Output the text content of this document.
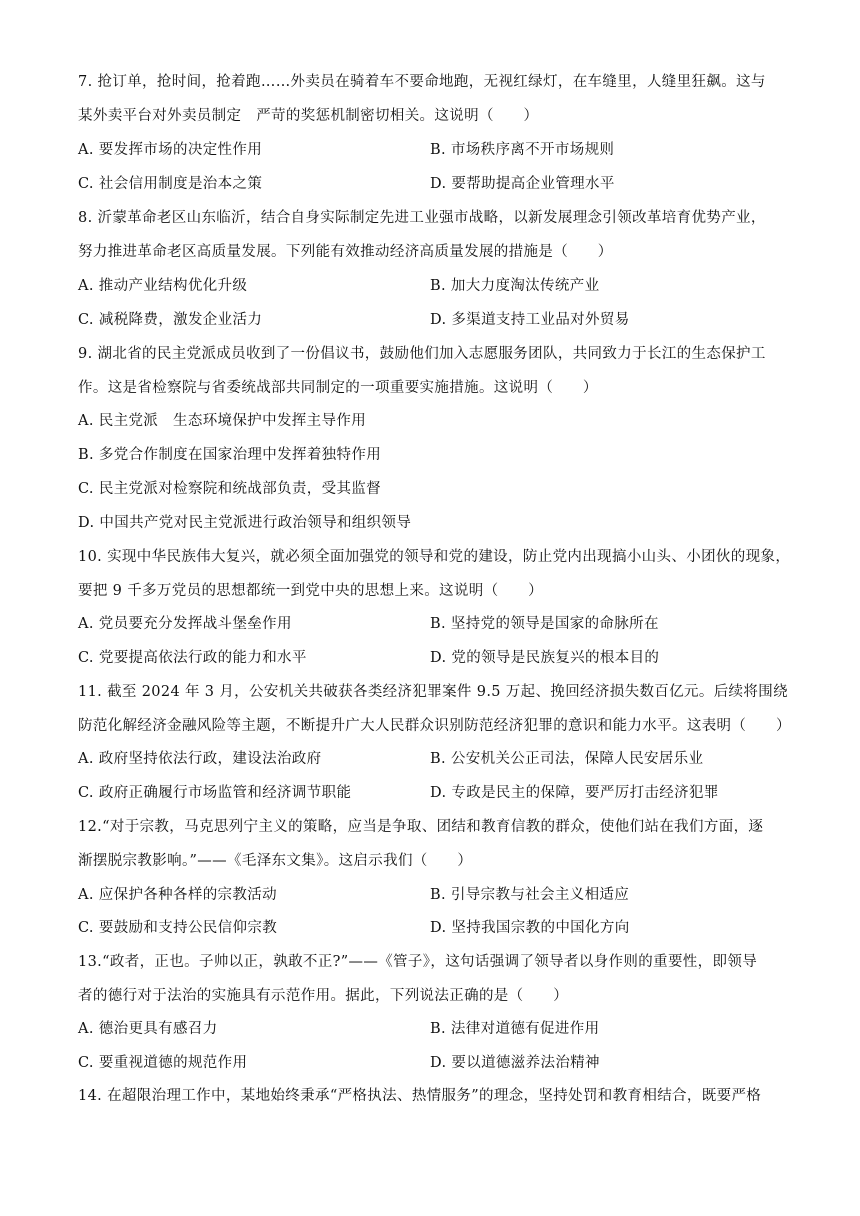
7. 抢订单，抢时间，抢着跑……外卖员在骑着车不要命地跑，无视红绿灯，在车缝里，人缝里狂飙。这与
某外卖平台对外卖员制定　严苛的奖惩机制密切相关。这说明（　　）
A. 要发挥市场的决定性作用	B. 市场秩序离不开市场规则
C. 社会信用制度是治本之策	D. 要帮助提高企业管理水平
8. 沂蒙革命老区山东临沂，结合自身实际制定先进工业强市战略，以新发展理念引领改革培育优势产业，
努力推进革命老区高质量发展。下列能有效推动经济高质量发展的措施是（　　）
A. 推动产业结构优化升级	B. 加大力度淘汰传统产业
C. 减税降费，激发企业活力	D. 多渠道支持工业品对外贸易
9. 湖北省的民主党派成员收到了一份倡议书，鼓励他们加入志愿服务团队，共同致力于长江的生态保护工
作。这是省检察院与省委统战部共同制定的一项重要实施措施。这说明（　　）
A. 民主党派　生态环境保护中发挥主导作用
B. 多党合作制度在国家治理中发挥着独特作用
C. 民主党派对检察院和统战部负责，受其监督
D. 中国共产党对民主党派进行政治领导和组织领导
10. 实现中华民族伟大复兴，就必须全面加强党的领导和党的建设，防止党内出现搞小山头、小团伙的现象，
要把 9 千多万党员的思想都统一到党中央的思想上来。这说明（　　）
A. 党员要充分发挥战斗堡垒作用	B. 坚持党的领导是国家的命脉所在
C. 党要提高依法行政的能力和水平	D. 党的领导是民族复兴的根本目的
11. 截至 2024 年 3 月，公安机关共破获各类经济犯罪案件 9.5 万起、挽回经济损失数百亿元。后续将围绕
防范化解经济金融风险等主题，不断提升广大人民群众识别防范经济犯罪的意识和能力水平。这表明（　　）
A. 政府坚持依法行政，建设法治政府	B. 公安机关公正司法，保障人民安居乐业
C. 政府正确履行市场监管和经济调节职能	D. 专政是民主的保障，要严厉打击经济犯罪
12.“对于宗教，马克思列宁主义的策略，应当是争取、团结和教育信教的群众，使他们站在我们方面，逐
渐摆脱宗教影响。”——《毛泽东文集》。这启示我们（　　）
A. 应保护各种各样的宗教活动	B. 引导宗教与社会主义相适应
C. 要鼓励和支持公民信仰宗教	D. 坚持我国宗教的中国化方向
13.“政者，正也。子帅以正，孰敢不正?”——《管子》，这句话强调了领导者以身作则的重要性，即领导
者的德行对于法治的实施具有示范作用。据此，下列说法正确的是（　　）
A. 德治更具有感召力	B. 法律对道德有促进作用
C. 要重视道德的规范作用	D. 要以道德滋养法治精神
14. 在超限治理工作中，某地始终秉承“严格执法、热情服务”的理念，坚持处罚和教育相结合，既要严格
